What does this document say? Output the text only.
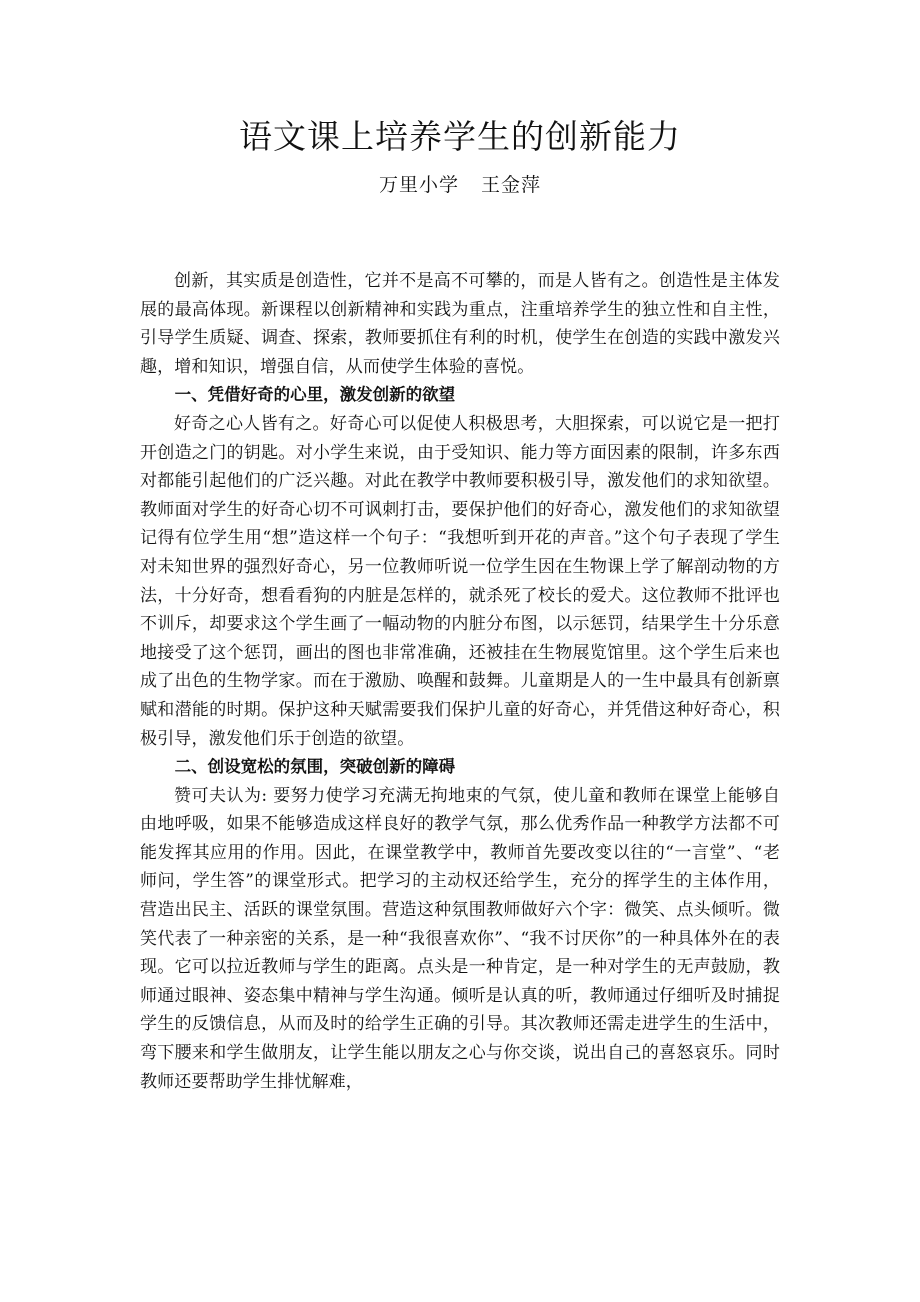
语文课上培养学生的创新能力

万里小学 王金萍

创新，其实质是创造性，它并不是高不可攀的，而是人皆有之。创造性是主体发展的最高体现。新课程以创新精神和实践为重点，注重培养学生的独立性和自主性，引导学生质疑、调查、探索，教师要抓住有利的时机，使学生在创造的实践中激发兴趣，增和知识，增强自信，从而使学生体验的喜悦。

一、凭借好奇的心里，激发创新的欲望

好奇之心人皆有之。好奇心可以促使人积极思考，大胆探索，可以说它是一把打开创造之门的钥匙。对小学生来说，由于受知识、能力等方面因素的限制，许多东西对都能引起他们的广泛兴趣。对此在教学中教师要积极引导，激发他们的求知欲望。教师面对学生的好奇心切不可讽刺打击，要保护他们的好奇心，激发他们的求知欲望记得有位学生用“想”造这样一个句子：“我想听到开花的声音。”这个句子表现了学生对未知世界的强烈好奇心，另一位教师听说一位学生因在生物课上学了解剖动物的方法，十分好奇，想看看狗的内脏是怎样的，就杀死了校长的爱犬。这位教师不批评也不训斥，却要求这个学生画了一幅动物的内脏分布图，以示惩罚，结果学生十分乐意地接受了这个惩罚，画出的图也非常准确，还被挂在生物展览馆里。这个学生后来也成了出色的生物学家。而在于激励、唤醒和鼓舞。儿童期是人的一生中最具有创新禀赋和潜能的时期。保护这种天赋需要我们保护儿童的好奇心，并凭借这种好奇心，积极引导，激发他们乐于创造的欲望。

二、创设宽松的氛围，突破创新的障碍

赞可夫认为: 要努力使学习充满无拘地束的气氛，使儿童和教师在课堂上能够自由地呼吸，如果不能够造成这样良好的教学气氛，那么优秀作品一种教学方法都不可能发挥其应用的作用。因此，在课堂教学中，教师首先要改变以往的“一言堂”、“老师问，学生答”的课堂形式。把学习的主动权还给学生，充分的挥学生的主体作用，营造出民主、活跃的课堂氛围。营造这种氛围教师做好六个字：微笑、点头倾听。微笑代表了一种亲密的关系，是一种“我很喜欢你”、“我不讨厌你”的一种具体外在的表现。它可以拉近教师与学生的距离。点头是一种肯定，是一种对学生的无声鼓励，教师通过眼神、姿态集中精神与学生沟通。倾听是认真的听，教师通过仔细听及时捕捉学生的反馈信息，从而及时的给学生正确的引导。其次教师还需走进学生的生活中，弯下腰来和学生做朋友，让学生能以朋友之心与你交谈，说出自己的喜怒哀乐。同时教师还要帮助学生排忧解难，
